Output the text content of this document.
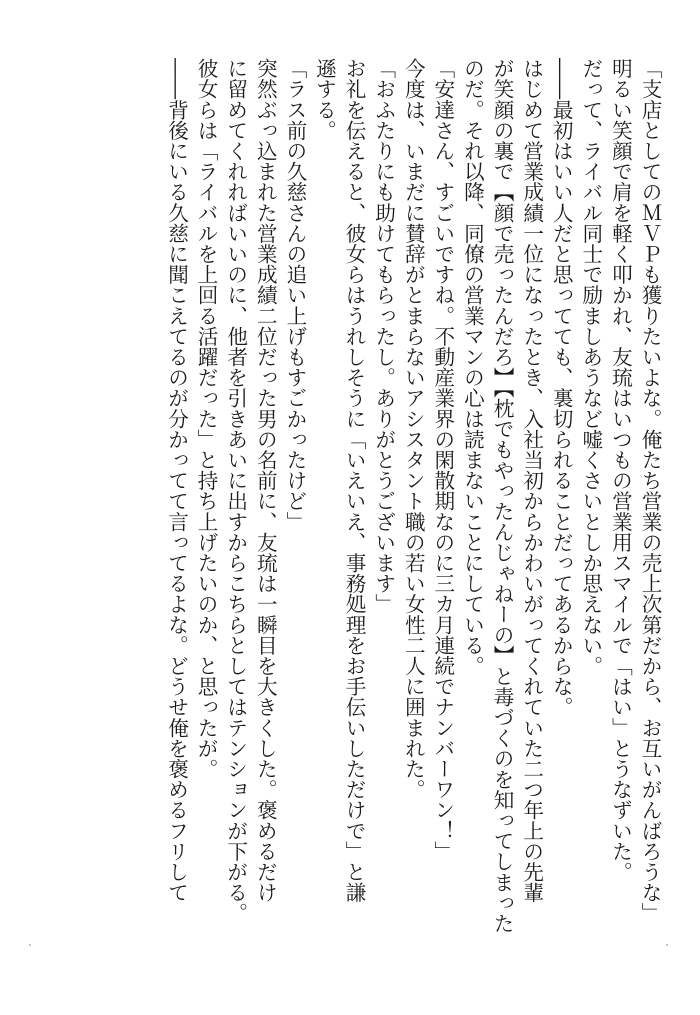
「支店としてのＭＶＰも獲りたいよな。俺たち営業の売上次第だから、お互いがんばろうな」
明るい笑顔で肩を軽く叩かれ、友琉はいつもの営業用スマイルで「はい」とうなずいた。
だって、ライバル同士で励ましあうなど嘘くさいとしか思えない。
――最初はいい人だと思ってても、裏切られることだってあるからな。
はじめて営業成績一位になったとき、入社当初からかわいがってくれていた二つ年上の先輩
が笑顔の裏で【顔で売ったんだろ】【枕でもやったんじゃねーの】と毒づくのを知ってしまった
のだ。それ以降、同僚の営業マンの心は読まないことにしている。
「安達さん、すごいですね。不動産業界の閑散期なのに三カ月連続でナンバーワン！」
今度は、いまだに賛辞がとまらないアシスタント職の若い女性二人に囲まれた。
「おふたりにも助けてもらったし。ありがとうございます」
お礼を伝えると、彼女らはうれしそうに「いえいえ、事務処理をお手伝いしただけで」と謙
遜する。
「ラス前の久慈さんの追い上げもすごかったけど」
突然ぶっ込まれた営業成績二位だった男の名前に、友琉は一瞬目を大きくした。褒めるだけ
に留めてくれればいいのに、他者を引きあいに出すからこちらとしてはテンションが下がる。
彼女らは「ライバルを上回る活躍だった」と持ち上げたいのか、と思ったが。
――背後にいる久慈に聞こえてるのが分かってて言ってるよな。どうせ俺を褒めるフリして
